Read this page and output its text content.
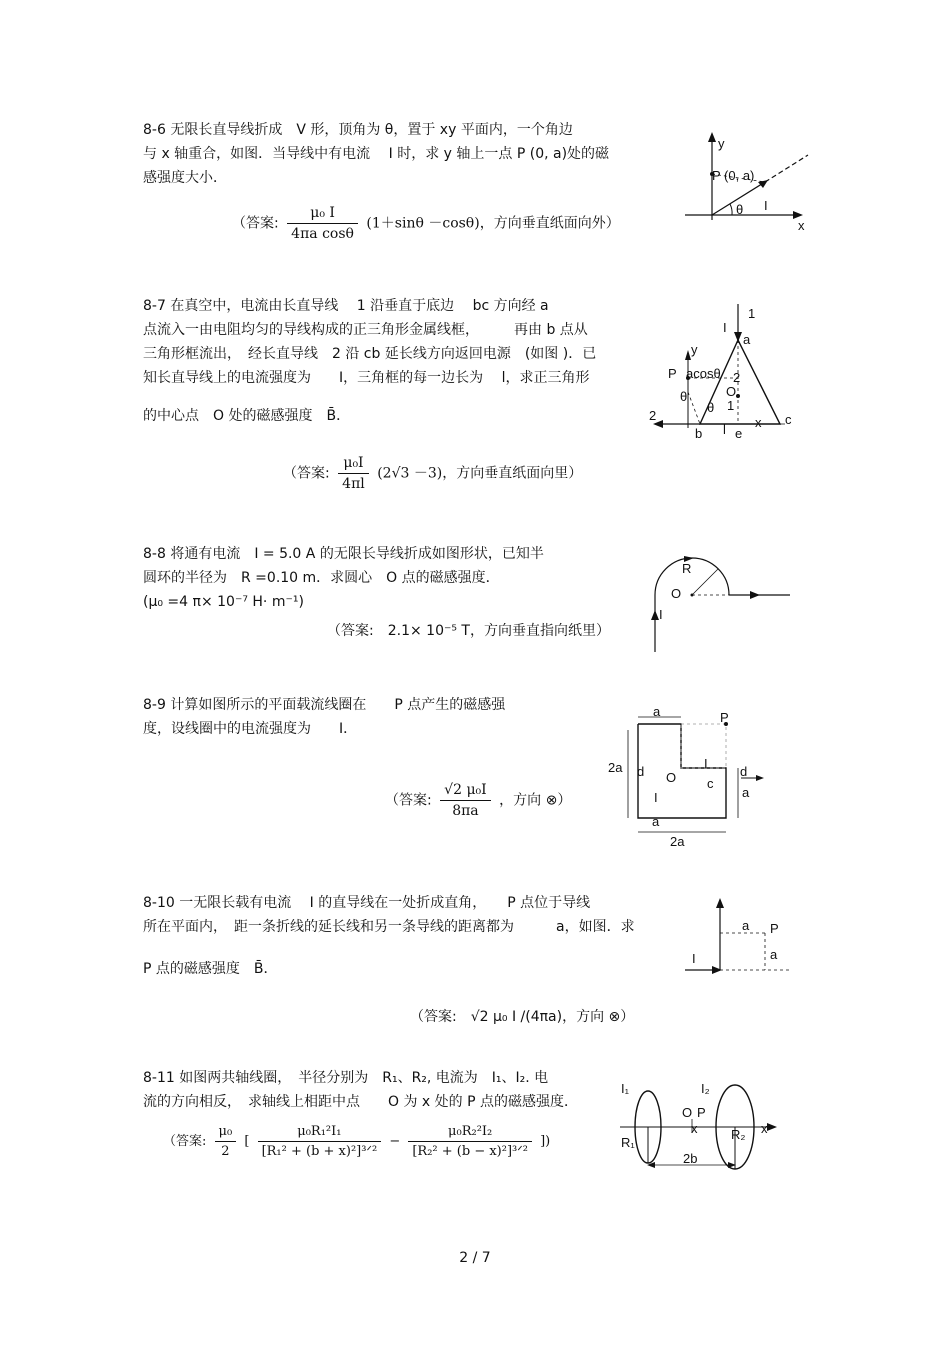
8-6 无限长直导线折成　V 形，顶角为 θ，置于 xy 平面内，一个角边
与 x 轴重合，如图．当导线中有电流　 I 时，求 y 轴上一点 P (0, a)处的磁
感强度大小．
（答案: $\frac{\text{μ₀ I}}{\text{4πa cosθ}} (1+\sin\theta -\cos\theta)$，方向垂直纸面向外）
y
x
P (0, a)
θ I
8-7 在真空中，电流由长直导线　 1 沿垂直于底边　 bc 方向经 a
点流入一由电阻均匀的导线构成的正三角形金属线框，　　　再由 b 点从
三角形框流出，　经长直导线　2 沿 cb 延长线方向返回电源　(如图 )．已
知长直导线上的电流强度为　　I，三角框的每一边长为　 l，求正三角形
的中心点　O 处的磁感强度　B̄．
（答案: $\frac{\text{μ₀I}}{4\pi l} (2√3 -3)$，方向垂直纸面向里）
1
I
a
y
P acosθ 2
O
θ
θ 1
2
b l e
x c
8-8 将通有电流　I = 5.0 A 的无限长导线折成如图形状，已知半
圆环的半径为　R =0.10 m．求圆心　O 点的磁感强度．
(μ₀ =4 π× 10⁻⁷ H· m⁻¹)
（答案:　2.1× 10⁻⁵ T，方向垂直指向纸里）
R
O
I
8-9 计算如图所示的平面载流线圈在　　P 点产生的磁感强
度，设线圈中的电流强度为　　I．
（答案: $\frac{\text{√2 μ₀I}}{8\pi a}$ ，方向 ⊗）
a	P
2a d O
I
c
d
a
I
a
2a
8-10 一无限长载有电流　 I 的直导线在一处折成直角，　　P 点位于导线
所在平面内，　距一条折线的延长线和另一条导线的距离都为　　　a，如图．求
P 点的磁感强度　B̄．
（答案:　√2 μ₀ I /(4πa)，方向 ⊗）
a P
a
I
8-11 如图两共轴线圈，　半径分别为　R₁、R₂, 电流为　I₁、I₂. 电
流的方向相反，　求轴线上相距中点　　O 为 x 处的 P 点的磁感强度．
（答案: $\frac{\text{μ₀}}{2}$ [ $\frac{\text{μ₀R₁²I₁}}{\text{[R₁² + (b + x)²]³ᐟ²}} - \frac{\text{μ₀R₂²I₂}}{\text{[R₂² + (b − x)²]³ᐟ²}}$ ])
I₁	I₂
O P
x
R₁
R₂ x
2b
2 / 7
